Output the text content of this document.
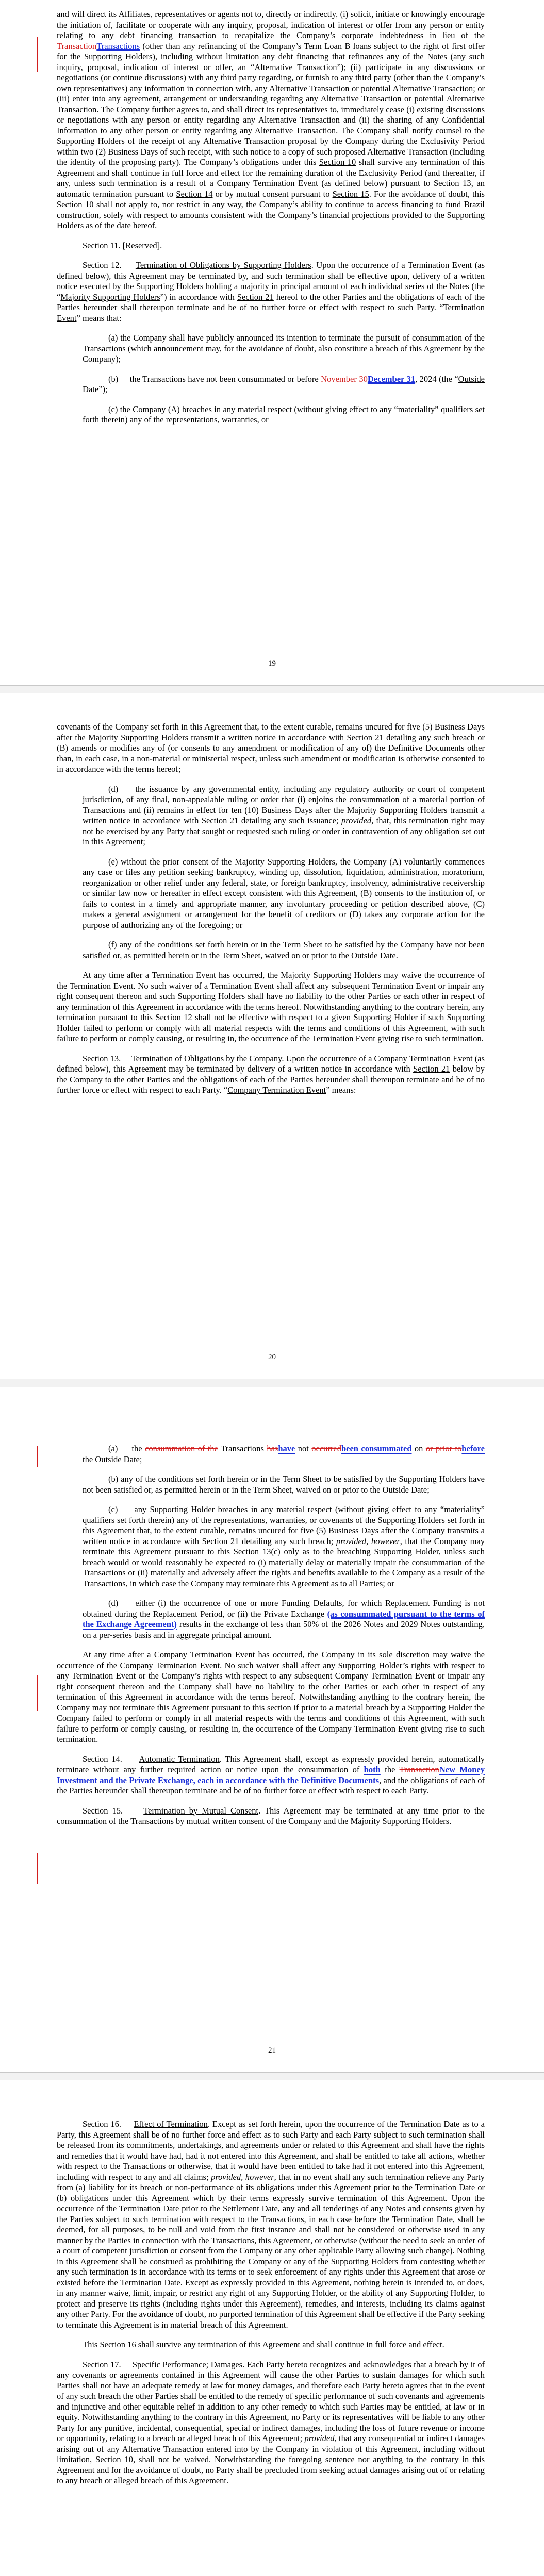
and will direct its Affiliates, representatives or agents not to, directly or indirectly, (i) solicit, initiate or knowingly encourage the initiation of, facilitate or cooperate with any inquiry, proposal, indication of interest or offer from any person or entity relating to any debt financing transaction to recapitalize the Company’s corporate indebtedness in lieu of the TransactionTransactions (other than any refinancing of the Company’s Term Loan B loans subject to the right of first offer for the Supporting Holders), including without limitation any debt financing that refinances any of the Notes (any such inquiry, proposal, indication of interest or offer, an “Alternative Transaction”); (ii) participate in any discussions or negotiations (or continue discussions) with any third party regarding, or furnish to any third party (other than the Company’s own representatives) any information in connection with, any Alternative Transaction or potential Alternative Transaction; or (iii) enter into any agreement, arrangement or understanding regarding any Alternative Transaction or potential Alternative Transaction. The Company further agrees to, and shall direct its representatives to, immediately cease (i) existing discussions or negotiations with any person or entity regarding any Alternative Transaction and (ii) the sharing of any Confidential Information to any other person or entity regarding any Alternative Transaction. The Company shall notify counsel to the Supporting Holders of the receipt of any Alternative Transaction proposal by the Company during the Exclusivity Period within two (2) Business Days of such receipt, with such notice to a copy of such proposed Alternative Transaction (including the identity of the proposing party). The Company’s obligations under this Section 10 shall survive any termination of this Agreement and shall continue in full force and effect for the remaining duration of the Exclusivity Period (and thereafter, if any, unless such termination is a result of a Company Termination Event (as defined below) pursuant to Section 13, an automatic termination pursuant to Section 14 or by mutual consent pursuant to Section 15. For the avoidance of doubt, this Section 10 shall not apply to, nor restrict in any way, the Company’s ability to continue to access financing to fund Brazil construction, solely with respect to amounts consistent with the Company’s financial projections provided to the Supporting Holders as of the date hereof.

Section 11. [Reserved].

Section 12.     Termination of Obligations by Supporting Holders. Upon the occurrence of a Termination Event (as defined below), this Agreement may be terminated by, and such termination shall be effective upon, delivery of a written notice executed by the Supporting Holders holding a majority in principal amount of each individual series of the Notes (the “Majority Supporting Holders”) in accordance with Section 21 hereof to the other Parties and the obligations of each of the Parties hereunder shall thereupon terminate and be of no further force or effect with respect to such Party. “Termination Event” means that:

(a) the Company shall have publicly announced its intention to terminate the pursuit of consummation of the Transactions (which announcement may, for the avoidance of doubt, also constitute a breach of this Agreement by the Company);

(b)     the Transactions have not been consummated or before November 30December 31, 2024 (the “Outside Date”);

(c) the Company (A) breaches in any material respect (without giving effect to any “materiality” qualifiers set forth therein) any of the representations, warranties, or

19

covenants of the Company set forth in this Agreement that, to the extent curable, remains uncured for five (5) Business Days after the Majority Supporting Holders transmit a written notice in accordance with Section 21 detailing any such breach or (B) amends or modifies any of (or consents to any amendment or modification of any of) the Definitive Documents other than, in each case, in a non-material or ministerial respect, unless such amendment or modification is otherwise consented to in accordance with the terms hereof;

(d)     the issuance by any governmental entity, including any regulatory authority or court of competent jurisdiction, of any final, non-appealable ruling or order that (i) enjoins the consummation of a material portion of Transactions and (ii) remains in effect for ten (10) Business Days after the Majority Supporting Holders transmit a written notice in accordance with Section 21 detailing any such issuance; provided, that, this termination right may not be exercised by any Party that sought or requested such ruling or order in contravention of any obligation set out in this Agreement;

(e) without the prior consent of the Majority Supporting Holders, the Company (A) voluntarily commences any case or files any petition seeking bankruptcy, winding up, dissolution, liquidation, administration, moratorium, reorganization or other relief under any federal, state, or foreign bankruptcy, insolvency, administrative receivership or similar law now or hereafter in effect except consistent with this Agreement, (B) consents to the institution of, or fails to contest in a timely and appropriate manner, any involuntary proceeding or petition described above, (C) makes a general assignment or arrangement for the benefit of creditors or (D) takes any corporate action for the purpose of authorizing any of the foregoing; or

(f) any of the conditions set forth herein or in the Term Sheet to be satisfied by the Company have not been satisfied or, as permitted herein or in the Term Sheet, waived on or prior to the Outside Date.

At any time after a Termination Event has occurred, the Majority Supporting Holders may waive the occurrence of the Termination Event. No such waiver of a Termination Event shall affect any subsequent Termination Event or impair any right consequent thereon and such Supporting Holders shall have no liability to the other Parties or each other in respect of any termination of this Agreement in accordance with the terms hereof. Notwithstanding anything to the contrary herein, any termination pursuant to this Section 12 shall not be effective with respect to a given Supporting Holder if such Supporting Holder failed to perform or comply with all material respects with the terms and conditions of this Agreement, with such failure to perform or comply causing, or resulting in, the occurrence of the Termination Event giving rise to such termination.

Section 13.     Termination of Obligations by the Company. Upon the occurrence of a Company Termination Event (as defined below), this Agreement may be terminated by delivery of a written notice in accordance with Section 21 below by the Company to the other Parties and the obligations of each of the Parties hereunder shall thereupon terminate and be of no further force or effect with respect to each Party. “Company Termination Event” means:

20

(a)     the consummation of the Transactions hashave not occurredbeen consummated on or prior tobefore the Outside Date;

(b) any of the conditions set forth herein or in the Term Sheet to be satisfied by the Supporting Holders have not been satisfied or, as permitted herein or in the Term Sheet, waived on or prior to the Outside Date;

(c)     any Supporting Holder breaches in any material respect (without giving effect to any “materiality” qualifiers set forth therein) any of the representations, warranties, or covenants of the Supporting Holders set forth in this Agreement that, to the extent curable, remains uncured for five (5) Business Days after the Company transmits a written notice in accordance with Section 21 detailing any such breach; provided, however, that the Company may terminate this Agreement pursuant to this Section 13(c) only as to the breaching Supporting Holder, unless such breach would or would reasonably be expected to (i) materially delay or materially impair the consummation of the Transactions or (ii) materially and adversely affect the rights and benefits available to the Company as a result of the Transactions, in which case the Company may terminate this Agreement as to all Parties; or

(d)     either (i) the occurrence of one or more Funding Defaults, for which Replacement Funding is not obtained during the Replacement Period, or (ii) the Private Exchange (as consummated pursuant to the terms of the Exchange Agreement) results in the exchange of less than 50% of the 2026 Notes and 2029 Notes outstanding, on a per-series basis and in aggregate principal amount.

At any time after a Company Termination Event has occurred, the Company in its sole discretion may waive the occurrence of the Company Termination Event. No such waiver shall affect any Supporting Holder’s rights with respect to any Termination Event or the Company’s rights with respect to any subsequent Company Termination Event or impair any right consequent thereon and the Company shall have no liability to the other Parties or each other in respect of any termination of this Agreement in accordance with the terms hereof. Notwithstanding anything to the contrary herein, the Company may not terminate this Agreement pursuant to this section if prior to a material breach by a Supporting Holder the Company failed to perform or comply in all material respects with the terms and conditions of this Agreement, with such failure to perform or comply causing, or resulting in, the occurrence of the Company Termination Event giving rise to such termination.

Section 14.     Automatic Termination. This Agreement shall, except as expressly provided herein, automatically terminate without any further required action or notice upon the consummation of both the TransactionNew Money Investment and the Private Exchange, each in accordance with the Definitive Documents, and the obligations of each of the Parties hereunder shall thereupon terminate and be of no further force or effect with respect to each Party.

Section 15.     Termination by Mutual Consent. This Agreement may be terminated at any time prior to the consummation of the Transactions by mutual written consent of the Company and the Majority Supporting Holders.

21

Section 16.     Effect of Termination. Except as set forth herein, upon the occurrence of the Termination Date as to a Party, this Agreement shall be of no further force and effect as to such Party and each Party subject to such termination shall be released from its commitments, undertakings, and agreements under or related to this Agreement and shall have the rights and remedies that it would have had, had it not entered into this Agreement, and shall be entitled to take all actions, whether with respect to the Transactions or otherwise, that it would have been entitled to take had it not entered into this Agreement, including with respect to any and all claims; provided, however, that in no event shall any such termination relieve any Party from (a) liability for its breach or non-performance of its obligations under this Agreement prior to the Termination Date or (b) obligations under this Agreement which by their terms expressly survive termination of this Agreement. Upon the occurrence of the Termination Date prior to the Settlement Date, any and all tenderings of any Notes and consents given by the Parties subject to such termination with respect to the Transactions, in each case before the Termination Date, shall be deemed, for all purposes, to be null and void from the first instance and shall not be considered or otherwise used in any manner by the Parties in connection with the Transactions, this Agreement, or otherwise (without the need to seek an order of a court of competent jurisdiction or consent from the Company or any other applicable Party allowing such change). Nothing in this Agreement shall be construed as prohibiting the Company or any of the Supporting Holders from contesting whether any such termination is in accordance with its terms or to seek enforcement of any rights under this Agreement that arose or existed before the Termination Date. Except as expressly provided in this Agreement, nothing herein is intended to, or does, in any manner waive, limit, impair, or restrict any right of any Supporting Holder, or the ability of any Supporting Holder, to protect and preserve its rights (including rights under this Agreement), remedies, and interests, including its claims against any other Party. For the avoidance of doubt, no purported termination of this Agreement shall be effective if the Party seeking to terminate this Agreement is in material breach of this Agreement.

This Section 16 shall survive any termination of this Agreement and shall continue in full force and effect.

Section 17.     Specific Performance; Damages. Each Party hereto recognizes and acknowledges that a breach by it of any covenants or agreements contained in this Agreement will cause the other Parties to sustain damages for which such Parties shall not have an adequate remedy at law for money damages, and therefore each Party hereto agrees that in the event of any such breach the other Parties shall be entitled to the remedy of specific performance of such covenants and agreements and injunctive and other equitable relief in addition to any other remedy to which such Parties may be entitled, at law or in equity. Notwithstanding anything to the contrary in this Agreement, no Party or its representatives will be liable to any other Party for any punitive, incidental, consequential, special or indirect damages, including the loss of future revenue or income or opportunity, relating to a breach or alleged breach of this Agreement; provided, that any consequential or indirect damages arising out of any Alternative Transaction entered into by the Company in violation of this Agreement, including without limitation, Section 10, shall not be waived. Notwithstanding the foregoing sentence nor anything to the contrary in this Agreement and for the avoidance of doubt, no Party shall be precluded from seeking actual damages arising out of or relating to any breach or alleged breach of this Agreement.
